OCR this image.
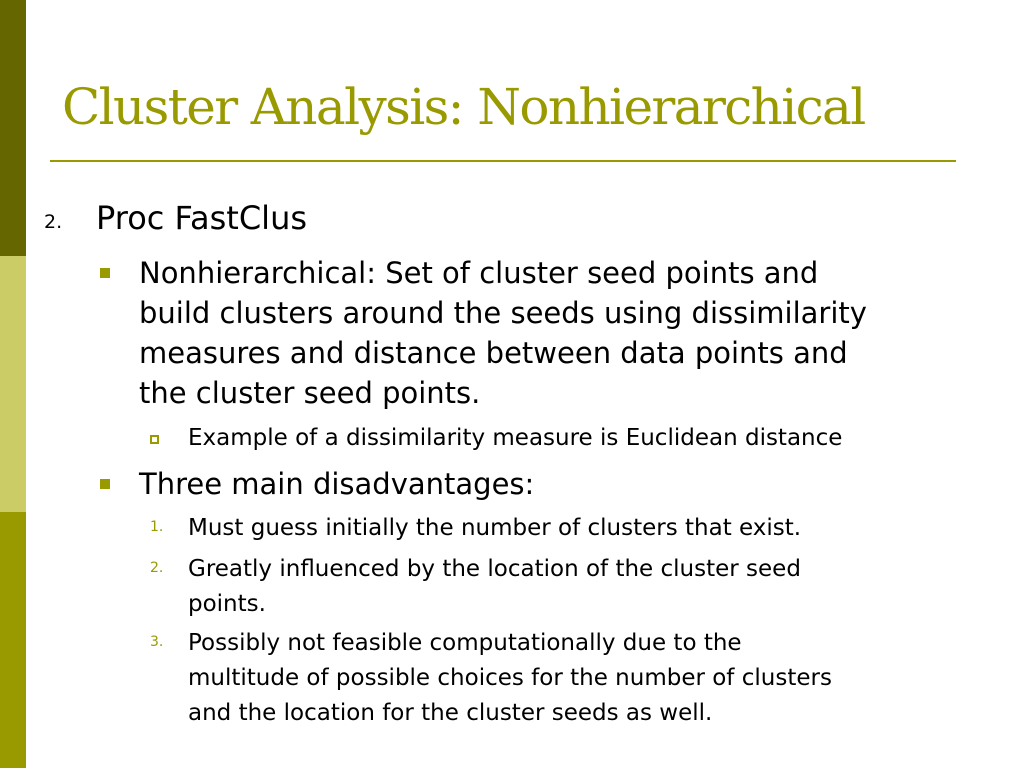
Cluster Analysis: Nonhierarchical
2. Proc FastClus
Nonhierarchical: Set of cluster seed points and
build clusters around the seeds using dissimilarity
measures and distance between data points and
the cluster seed points.
Example of a dissimilarity measure is Euclidean distance
Three main disadvantages:
1. Must guess initially the number of clusters that exist.
2. Greatly influenced by the location of the cluster seed
points.
3. Possibly not feasible computationally due to the
multitude of possible choices for the number of clusters
and the location for the cluster seeds as well.
